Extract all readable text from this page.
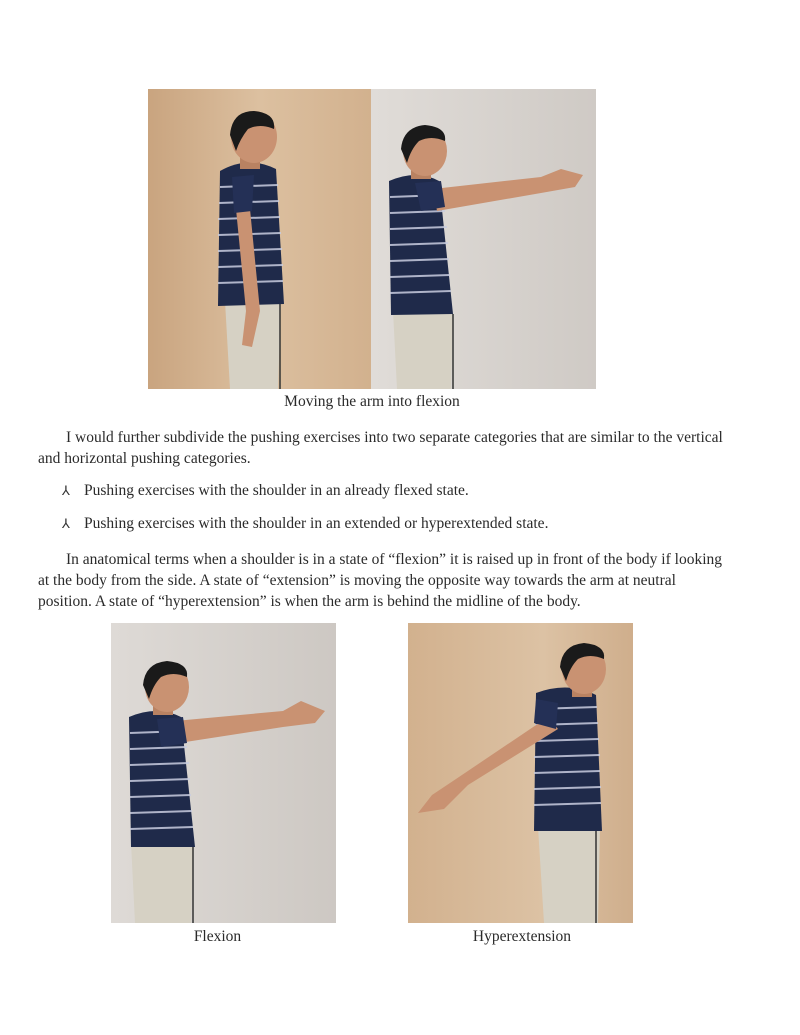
Moving the arm into flexion
I would further subdivide the pushing exercises into two separate categories that are similar to the vertical and horizontal pushing categories.
⅄ Pushing exercises with the shoulder in an already flexed state.
⅄ Pushing exercises with the shoulder in an extended or hyperextended state.
In anatomical terms when a shoulder is in a state of “flexion” it is raised up in front of the body if looking at the body from the side. A state of “extension” is moving the opposite way towards the arm at neutral position. A state of “hyperextension” is when the arm is behind the midline of the body.
Flexion	Hyperextension
